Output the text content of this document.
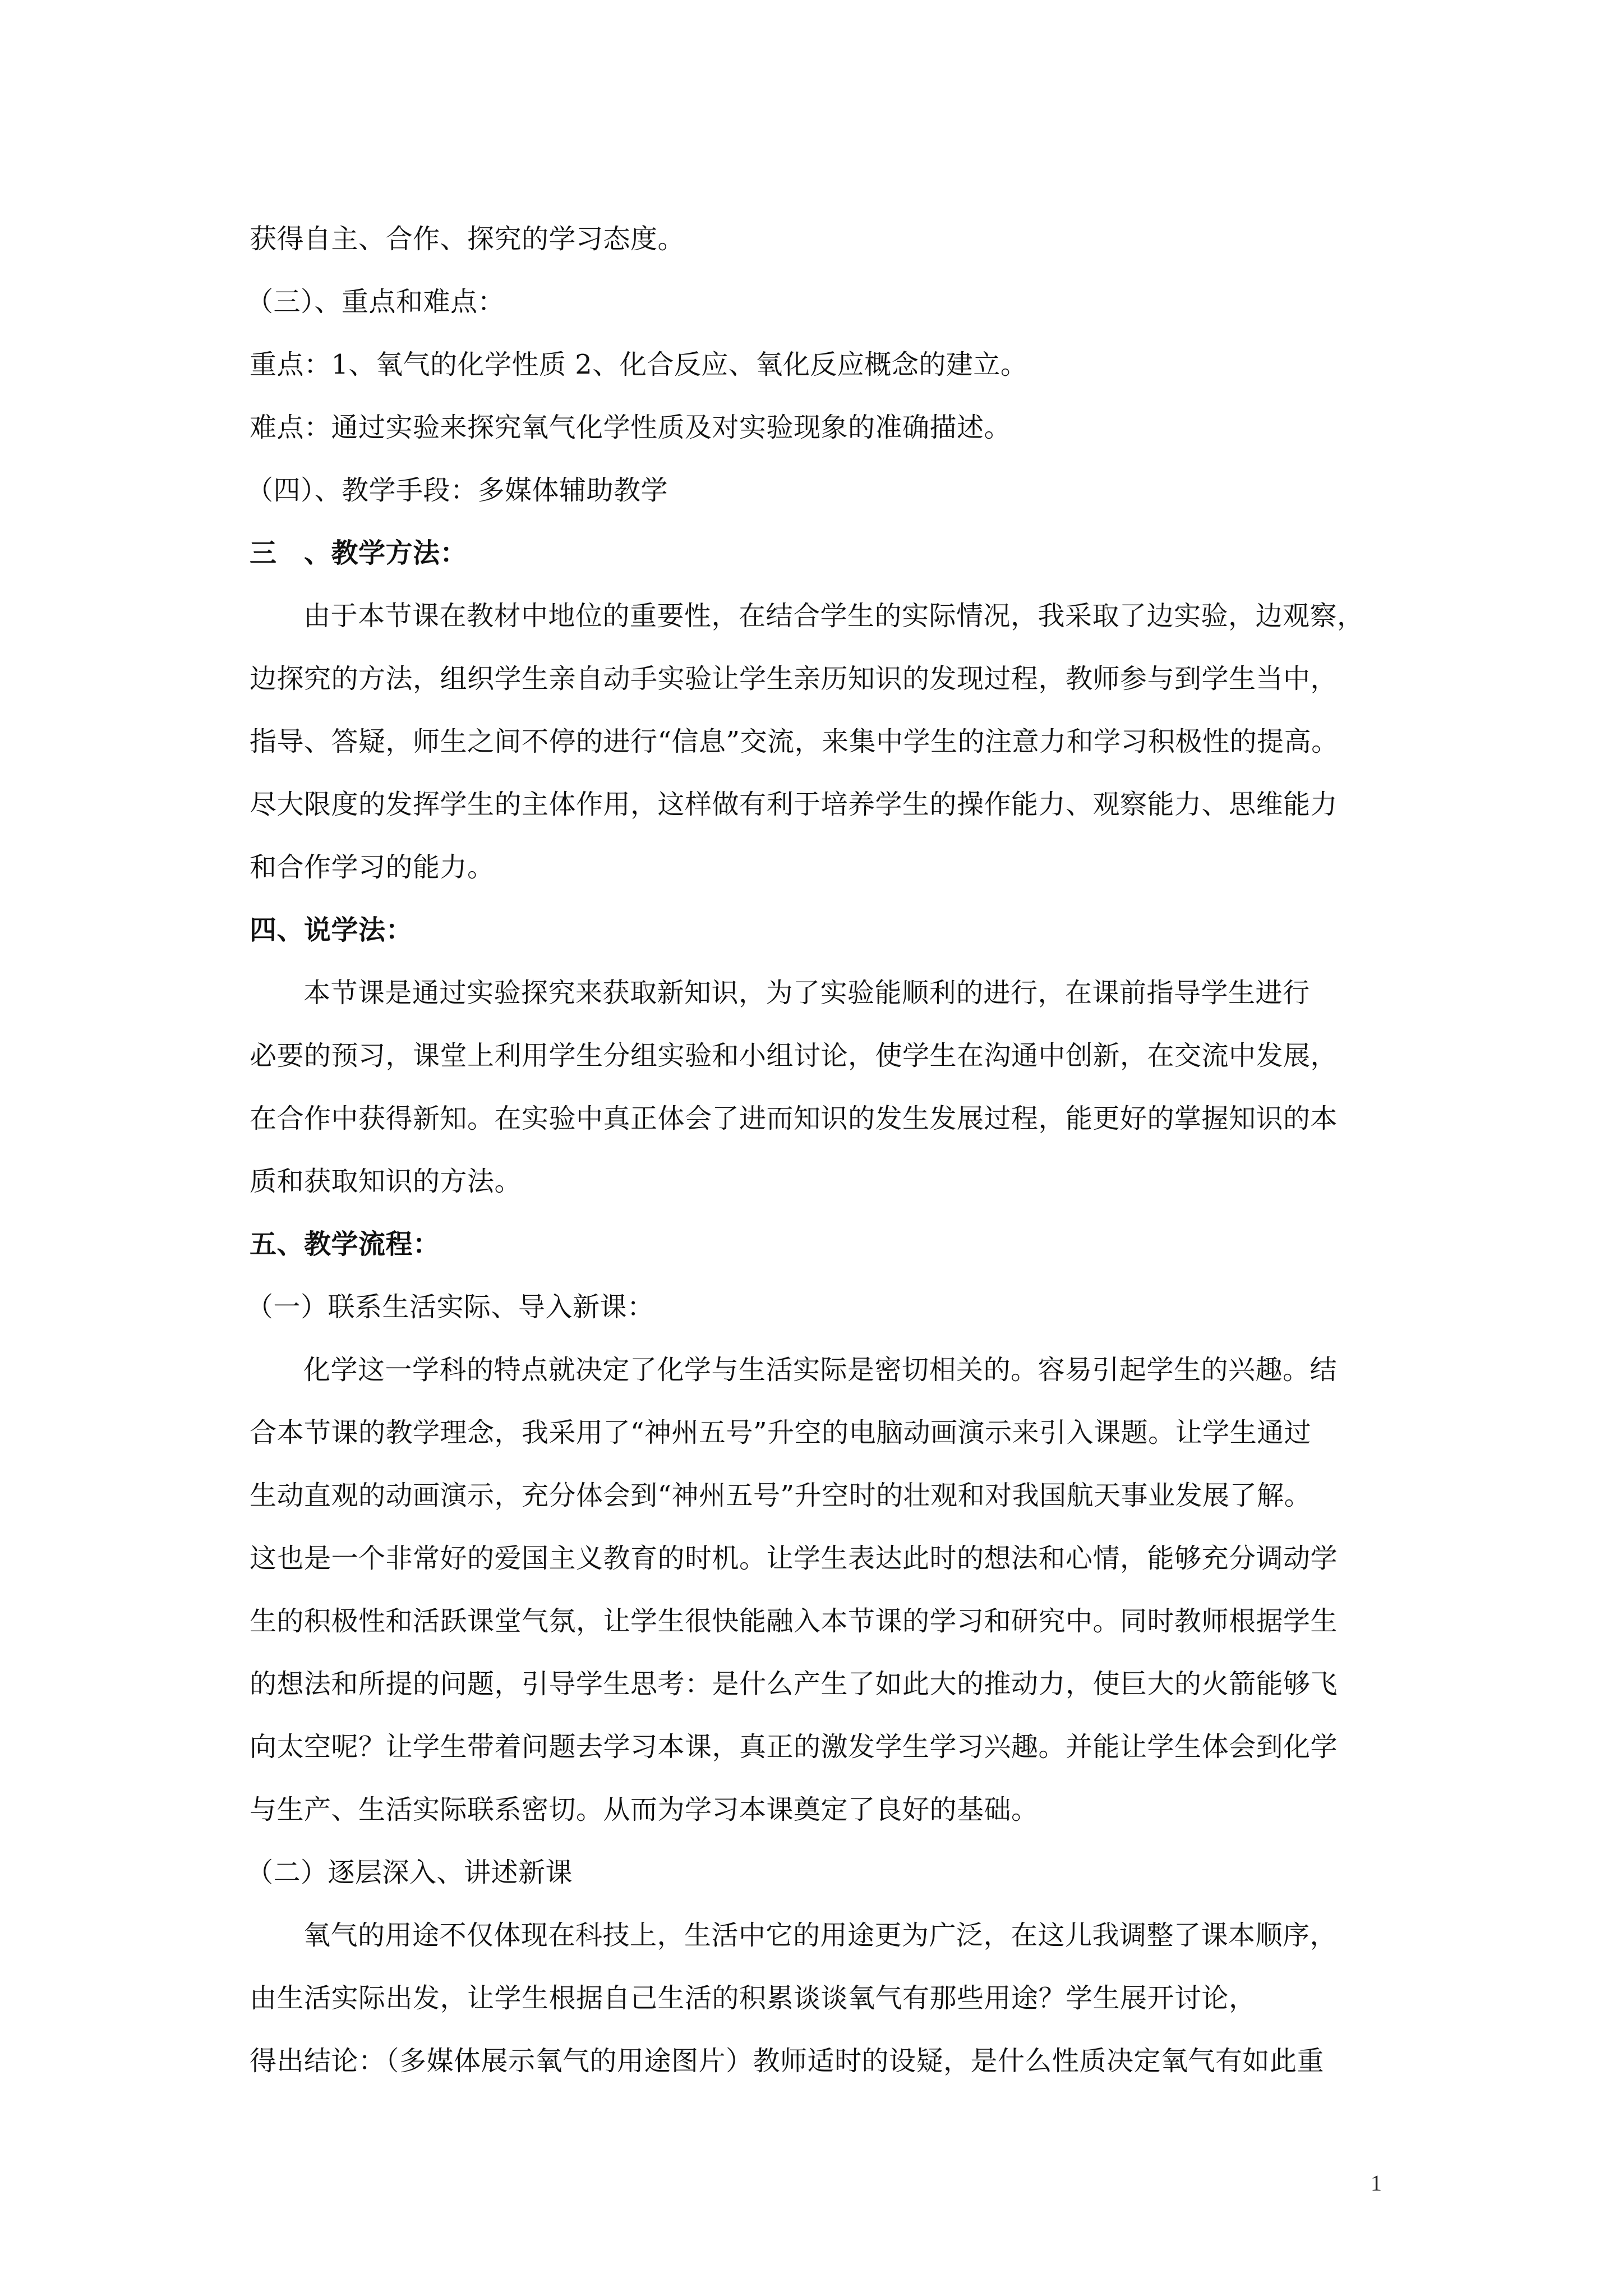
获得自主、合作、探究的学习态度。
（三）、重点和难点：
重点：1、氧气的化学性质 2、化合反应、氧化反应概念的建立。
难点：通过实验来探究氧气化学性质及对实验现象的准确描述。
（四）、教学手段：多媒体辅助教学
三　、教学方法：
由于本节课在教材中地位的重要性，在结合学生的实际情况，我采取了边实验，边观察，
边探究的方法，组织学生亲自动手实验让学生亲历知识的发现过程，教师参与到学生当中，
指导、答疑，师生之间不停的进行“信息”交流，来集中学生的注意力和学习积极性的提高。
尽大限度的发挥学生的主体作用，这样做有利于培养学生的操作能力、观察能力、思维能力
和合作学习的能力。
四、说学法：
本节课是通过实验探究来获取新知识，为了实验能顺利的进行，在课前指导学生进行
必要的预习，课堂上利用学生分组实验和小组讨论，使学生在沟通中创新，在交流中发展，
在合作中获得新知。在实验中真正体会了进而知识的发生发展过程，能更好的掌握知识的本
质和获取知识的方法。
五、教学流程：
（一）联系生活实际、导入新课：
化学这一学科的特点就决定了化学与生活实际是密切相关的。容易引起学生的兴趣。结
合本节课的教学理念，我采用了“神州五号”升空的电脑动画演示来引入课题。让学生通过
生动直观的动画演示，充分体会到“神州五号”升空时的壮观和对我国航天事业发展了解。
这也是一个非常好的爱国主义教育的时机。让学生表达此时的想法和心情，能够充分调动学
生的积极性和活跃课堂气氛，让学生很快能融入本节课的学习和研究中。同时教师根据学生
的想法和所提的问题，引导学生思考：是什么产生了如此大的推动力，使巨大的火箭能够飞
向太空呢？让学生带着问题去学习本课，真正的激发学生学习兴趣。并能让学生体会到化学
与生产、生活实际联系密切。从而为学习本课奠定了良好的基础。
（二）逐层深入、讲述新课
氧气的用途不仅体现在科技上，生活中它的用途更为广泛，在这儿我调整了课本顺序，
由生活实际出发，让学生根据自己生活的积累谈谈氧气有那些用途？学生展开讨论，
得出结论：（多媒体展示氧气的用途图片）教师适时的设疑，是什么性质决定氧气有如此重
1
